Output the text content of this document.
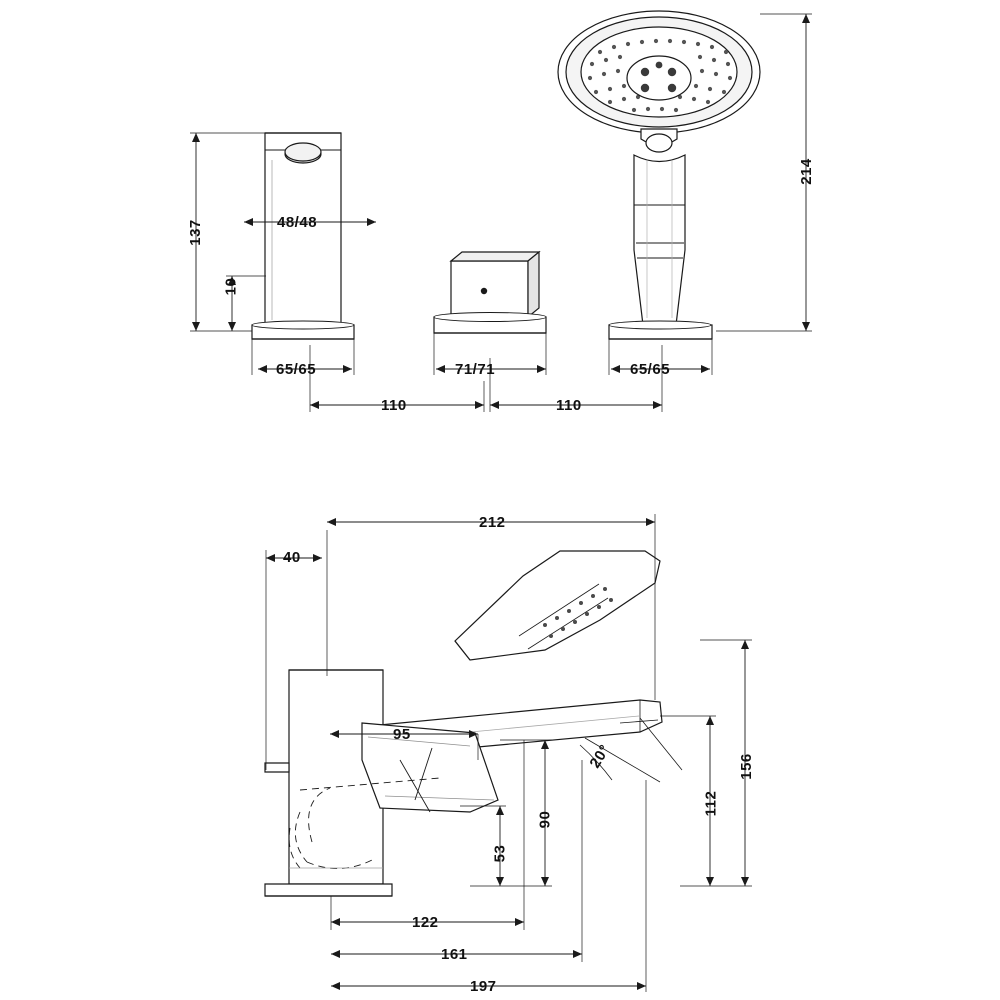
137
10
48/48
65/65	71/71	65/65
110	110
214
212
40
95
20°	156
112
90
53
122
161
197
